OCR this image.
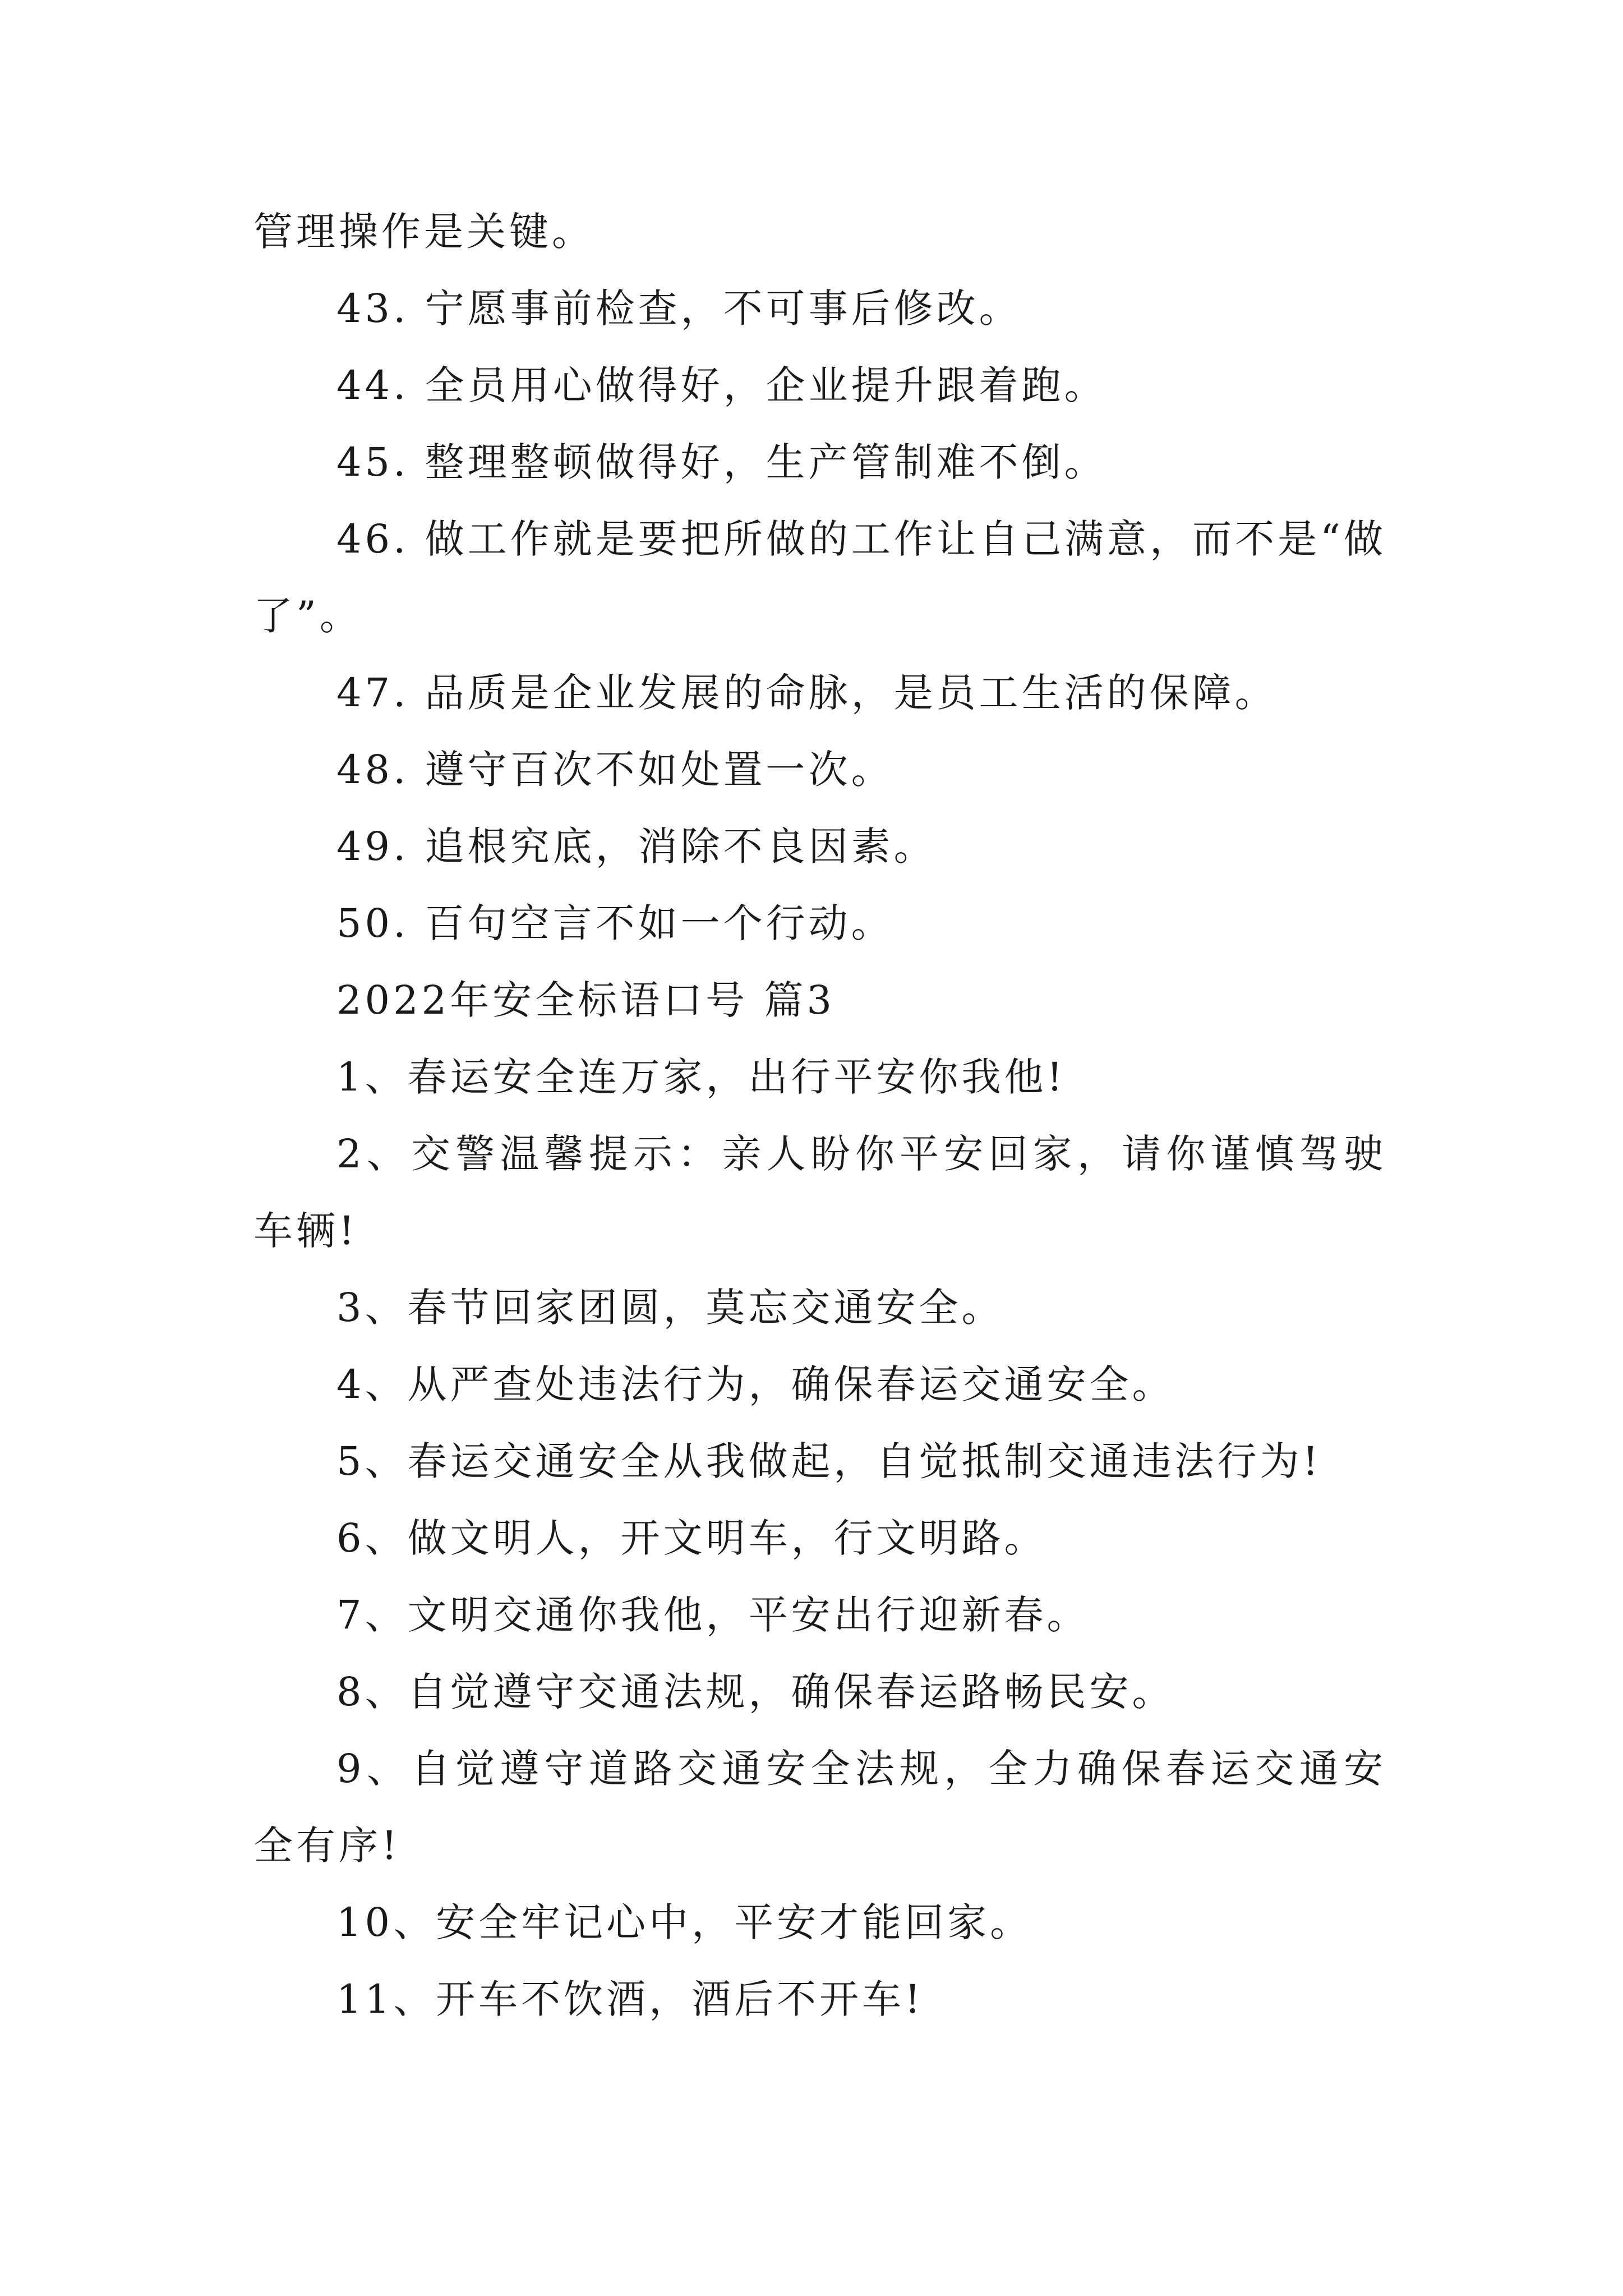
管理操作是关键。
43. 宁愿事前检查，不可事后修改。
44. 全员用心做得好，企业提升跟着跑。
45. 整理整顿做得好，生产管制难不倒。
46. 做工作就是要把所做的工作让自己满意，而不是“做了”。
47. 品质是企业发展的命脉，是员工生活的保障。
48. 遵守百次不如处置一次。
49. 追根究底，消除不良因素。
50. 百句空言不如一个行动。
2022年安全标语口号 篇3
1、春运安全连万家，出行平安你我他!
2、交警温馨提示：亲人盼你平安回家，请你谨慎驾驶车辆!
3、春节回家团圆，莫忘交通安全。
4、从严查处违法行为，确保春运交通安全。
5、春运交通安全从我做起，自觉抵制交通违法行为!
6、做文明人，开文明车，行文明路。
7、文明交通你我他，平安出行迎新春。
8、自觉遵守交通法规，确保春运路畅民安。
9、自觉遵守道路交通安全法规，全力确保春运交通安全有序!
10、安全牢记心中，平安才能回家。
11、开车不饮酒，酒后不开车!
